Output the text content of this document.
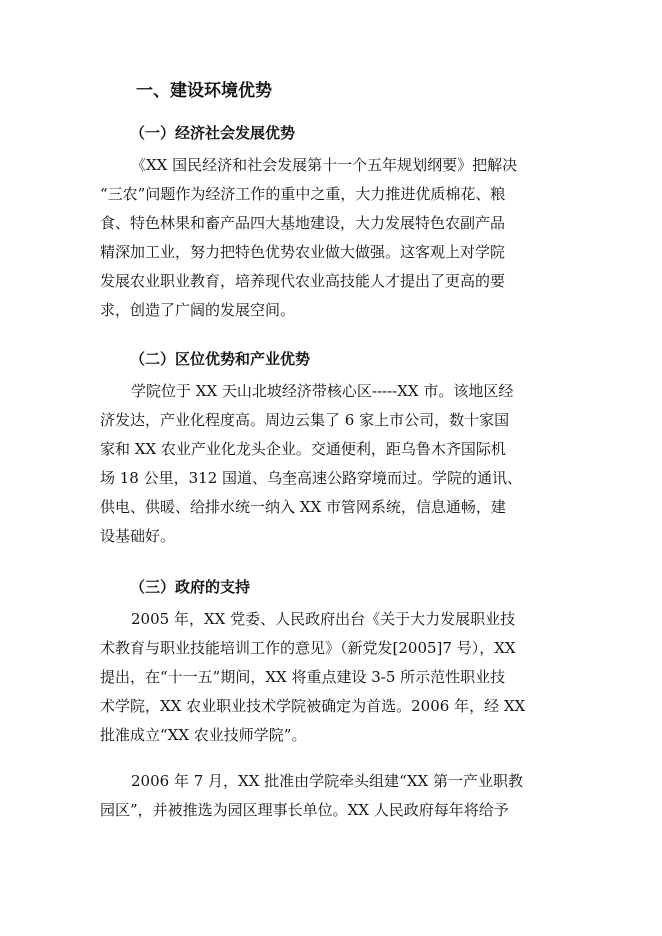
一、建设环境优势
（一）经济社会发展优势
《XX 国民经济和社会发展第十一个五年规划纲要》把解决
“三农”问题作为经济工作的重中之重，大力推进优质棉花、粮
食、特色林果和畜产品四大基地建设，大力发展特色农副产品
精深加工业，努力把特色优势农业做大做强。这客观上对学院
发展农业职业教育，培养现代农业高技能人才提出了更高的要
求，创造了广阔的发展空间。
（二）区位优势和产业优势
学院位于 XX 天山北坡经济带核心区-----XX 市。该地区经
济发达，产业化程度高。周边云集了 6 家上市公司，数十家国
家和 XX 农业产业化龙头企业。交通便利，距乌鲁木齐国际机
场 18 公里，312 国道、乌奎高速公路穿境而过。学院的通讯、
供电、供暖、给排水统一纳入 XX 市管网系统，信息通畅，建
设基础好。
（三）政府的支持
2005 年，XX 党委、人民政府出台《关于大力发展职业技
术教育与职业技能培训工作的意见》（新党发[2005]7 号），XX
提出，在“十一五”期间，XX 将重点建设 3-5 所示范性职业技
术学院，XX 农业职业技术学院被确定为首选。2006 年，经 XX
批准成立“XX 农业技师学院”。
2006 年 7 月，XX 批准由学院牵头组建“XX 第一产业职教
园区”，并被推选为园区理事长单位。XX 人民政府每年将给予
